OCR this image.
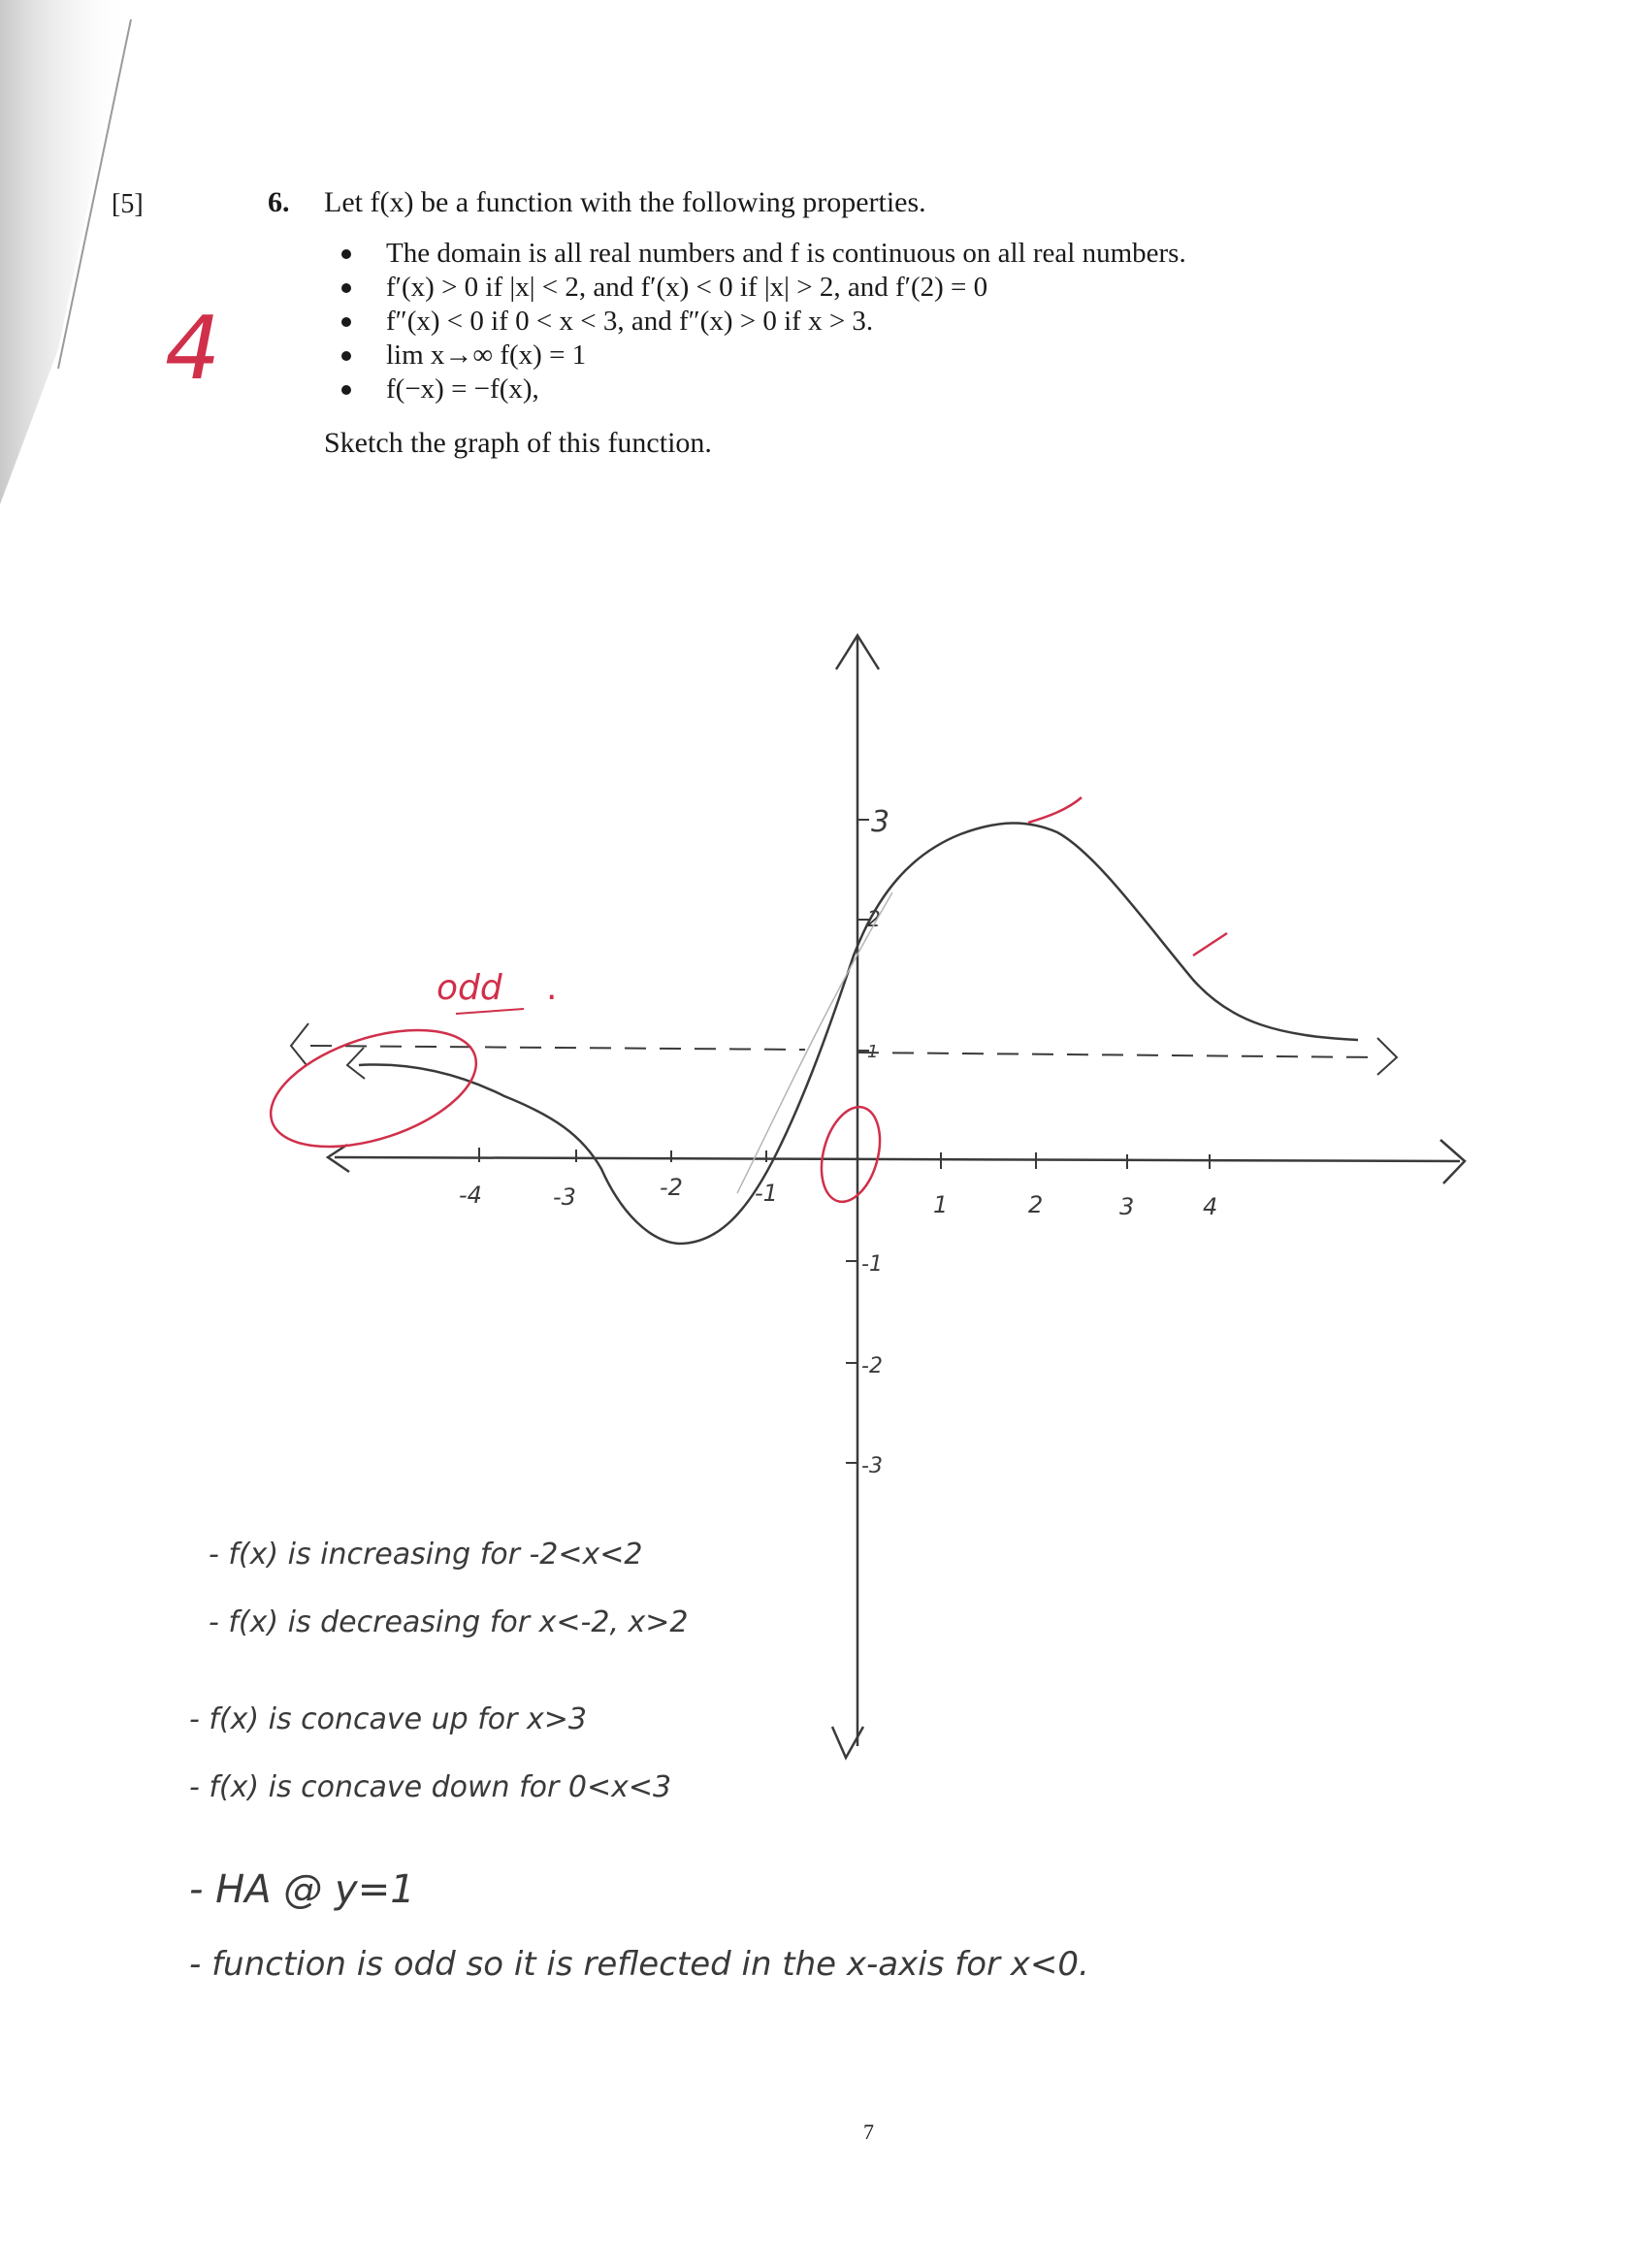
[5]	6. Let f(x) be a function with the following properties.
The domain is all real numbers and f is continuous on all real numbers.
f′(x) > 0 if |x| < 2, and f′(x) < 0 if |x| > 2, and f′(2) = 0
f″(x) < 0 if 0 < x < 3, and f″(x) > 0 if x > 3.
lim x→∞ f(x) = 1
f(−x) = −f(x),
Sketch the graph of this function.
4
-4	-3	-2	-1	1	2	3	4
3
2
-1
-2
-3
odd .
- f(x) is increasing for -2<x<2
- f(x) is decreasing for x<-2, x>2
- f(x) is concave up for x>3
- f(x) is concave down for 0<x<3
- HA @ y=1
- function is odd so it is reflected in the x-axis for x<0.
7
